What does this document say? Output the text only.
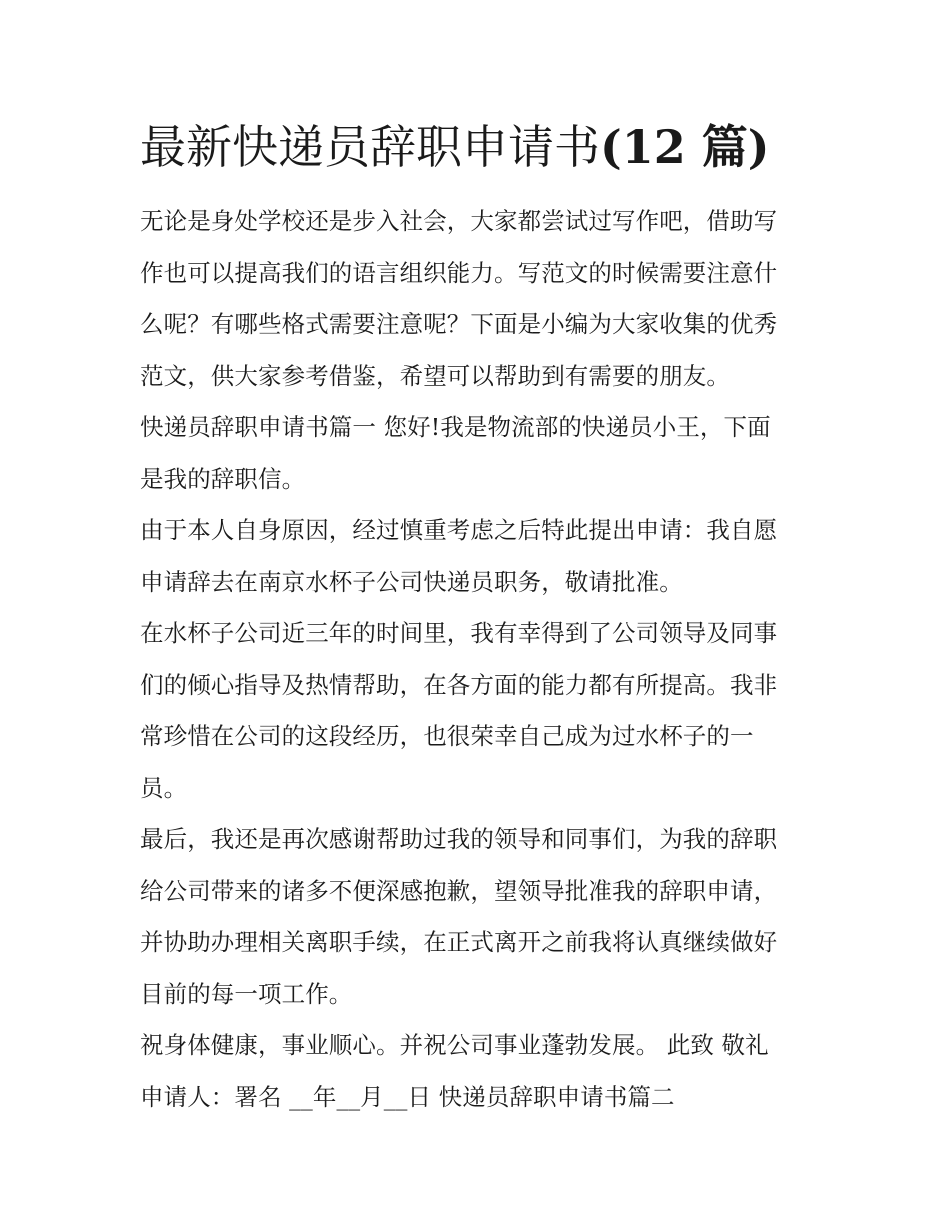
最新快递员辞职申请书(12 篇)
无论是身处学校还是步入社会，大家都尝试过写作吧，借助写
作也可以提高我们的语言组织能力。写范文的时候需要注意什
么呢？有哪些格式需要注意呢？下面是小编为大家收集的优秀
范文，供大家参考借鉴，希望可以帮助到有需要的朋友。
快递员辞职申请书篇一 您好!我是物流部的快递员小王，下面
是我的辞职信。
由于本人自身原因，经过慎重考虑之后特此提出申请：我自愿
申请辞去在南京水杯子公司快递员职务，敬请批准。
在水杯子公司近三年的时间里，我有幸得到了公司领导及同事
们的倾心指导及热情帮助，在各方面的能力都有所提高。我非
常珍惜在公司的这段经历，也很荣幸自己成为过水杯子的一
员。
最后，我还是再次感谢帮助过我的领导和同事们，为我的辞职
给公司带来的诸多不便深感抱歉，望领导批准我的辞职申请，
并协助办理相关离职手续，在正式离开之前我将认真继续做好
目前的每一项工作。
祝身体健康，事业顺心。并祝公司事业蓬勃发展。 此致 敬礼
申请人：署名 __年__月__日 快递员辞职申请书篇二
